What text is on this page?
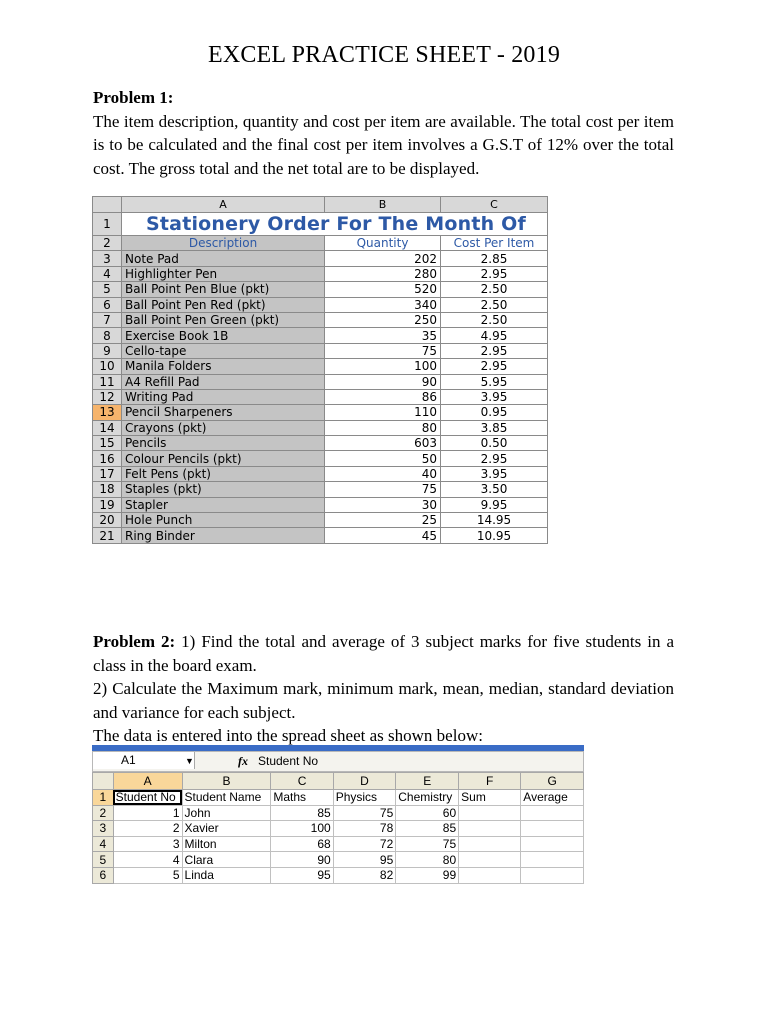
EXCEL PRACTICE SHEET - 2019
Problem 1:
The item description, quantity and cost per item are available. The total cost per item is to be calculated and the final cost per item involves a G.S.T of 12% over the total cost. The gross total and the net total are to be displayed.
	A	B	C
1	Stationery Order For The Month Of		
2	Description	Quantity	Cost Per Item
3	Note Pad	202	2.85
4	Highlighter Pen	280	2.95
5	Ball Point Pen Blue (pkt)	520	2.50
6	Ball Point Pen Red (pkt)	340	2.50
7	Ball Point Pen Green (pkt)	250	2.50
8	Exercise Book 1B	35	4.95
9	Cello-tape	75	2.95
10	Manila Folders	100	2.95
11	A4 Refill Pad	90	5.95
12	Writing Pad	86	3.95
13	Pencil Sharpeners	110	0.95
14	Crayons (pkt)	80	3.85
15	Pencils	603	0.50
16	Colour Pencils (pkt)	50	2.95
17	Felt Pens (pkt)	40	3.95
18	Staples (pkt)	75	3.50
19	Stapler	30	9.95
20	Hole Punch	25	14.95
21	Ring Binder	45	10.95
Problem 2: 1) Find the total and average of 3 subject marks for five students in a class in the board exam.
2) Calculate the Maximum mark, minimum mark, mean, median, standard deviation and variance for each subject.
The data is entered into the spread sheet as shown below:
A1	▼	fx Student No
	A	B	C	D	E	F	G
1	Student No	Student Name	Maths	Physics	Chemistry	Sum	Average
2	1	John	85	75	60		
3	2	Xavier	100	78	85		
4	3	Milton	68	72	75		
5	4	Clara	90	95	80		
6	5	Linda	95	82	99		
